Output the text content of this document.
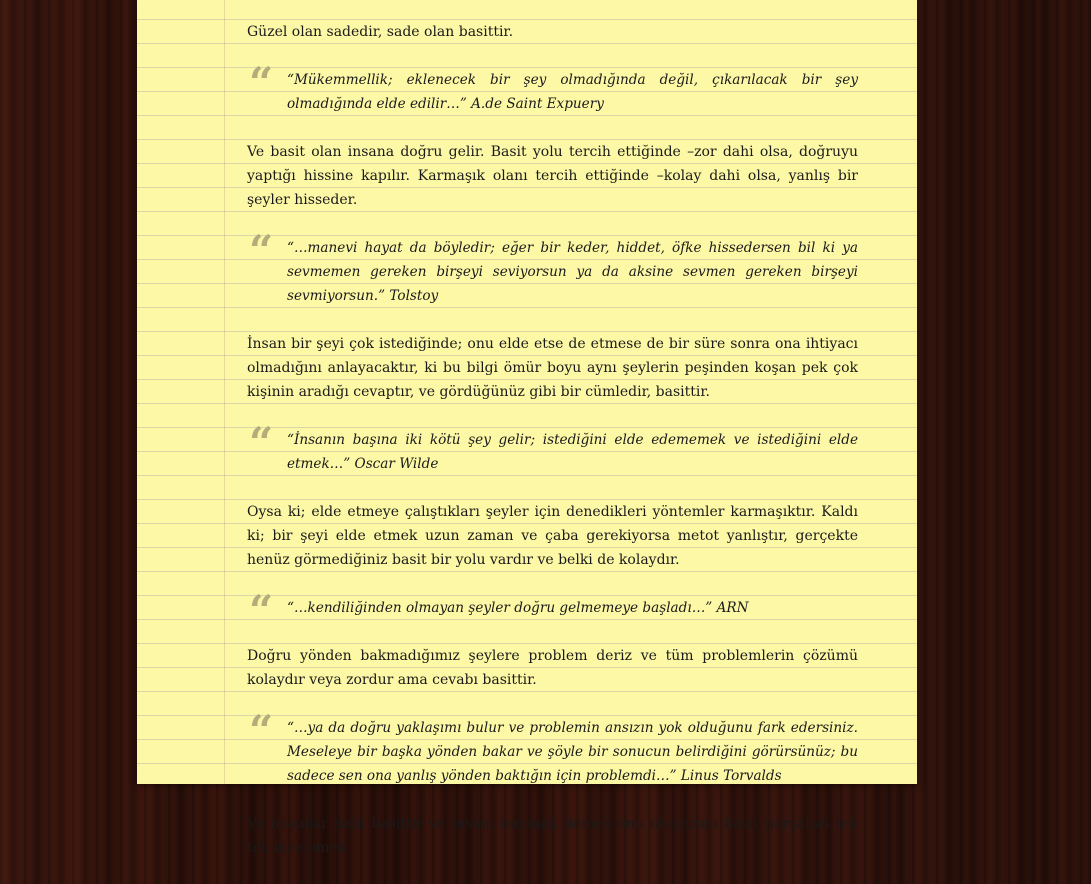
Güzel olan sadedir, sade olan basittir.

“ “Mükemmellik; eklenecek bir şey olmadığında değil, çıkarılacak bir şey olmadığında elde edilir…” A.de Saint Expuery

Ve basit olan insana doğru gelir. Basit yolu tercih ettiğinde –zor dahi olsa, doğruyu yaptığı hissine kapılır. Karmaşık olanı tercih ettiğinde –kolay dahi olsa, yanlış bir şeyler hisseder.

“ “…manevi hayat da böyledir; eğer bir keder, hiddet, öfke hissedersen bil ki ya sevmemen gereken birşeyi seviyorsun ya da aksine sevmen gereken birşeyi sevmiyorsun.” Tolstoy

İnsan bir şeyi çok istediğinde; onu elde etse de etmese de bir süre sonra ona ihtiyacı olmadığını anlayacaktır, ki bu bilgi ömür boyu aynı şeylerin peşinden koşan pek çok kişinin aradığı cevaptır, ve gördüğünüz gibi bir cümledir, basittir.

“ “İnsanın başına iki kötü şey gelir; istediğini elde edememek ve istediğini elde etmek…” Oscar Wilde

Oysa ki; elde etmeye çalıştıkları şeyler için denedikleri yöntemler karmaşıktır. Kaldı ki; bir şeyi elde etmek uzun zaman ve çaba gerekiyorsa metot yanlıştır, gerçekte henüz görmediğiniz basit bir yolu vardır ve belki de kolaydır.

“ “…kendiliğinden olmayan şeyler doğru gelmemeye başladı…” ARN

Doğru yönden bakmadığımız şeylere problem deriz ve tüm problemlerin çözümü kolaydır veya zordur ama cevabı basittir.

“ “…ya da doğru yaklaşımı bulur ve problemin ansızın yok olduğunu fark edersiniz. Meseleye bir başka yönden bakar ve şöyle bir sonucun belirdiğini görürsünüz; bu sadece sen ona yanlış yönden baktığın için problemdi…” Linus Torvalds

Ve insanlar dahi basittir ve insanı tanımak demek onu oluşturan basit parçaları tek tek incelemek
